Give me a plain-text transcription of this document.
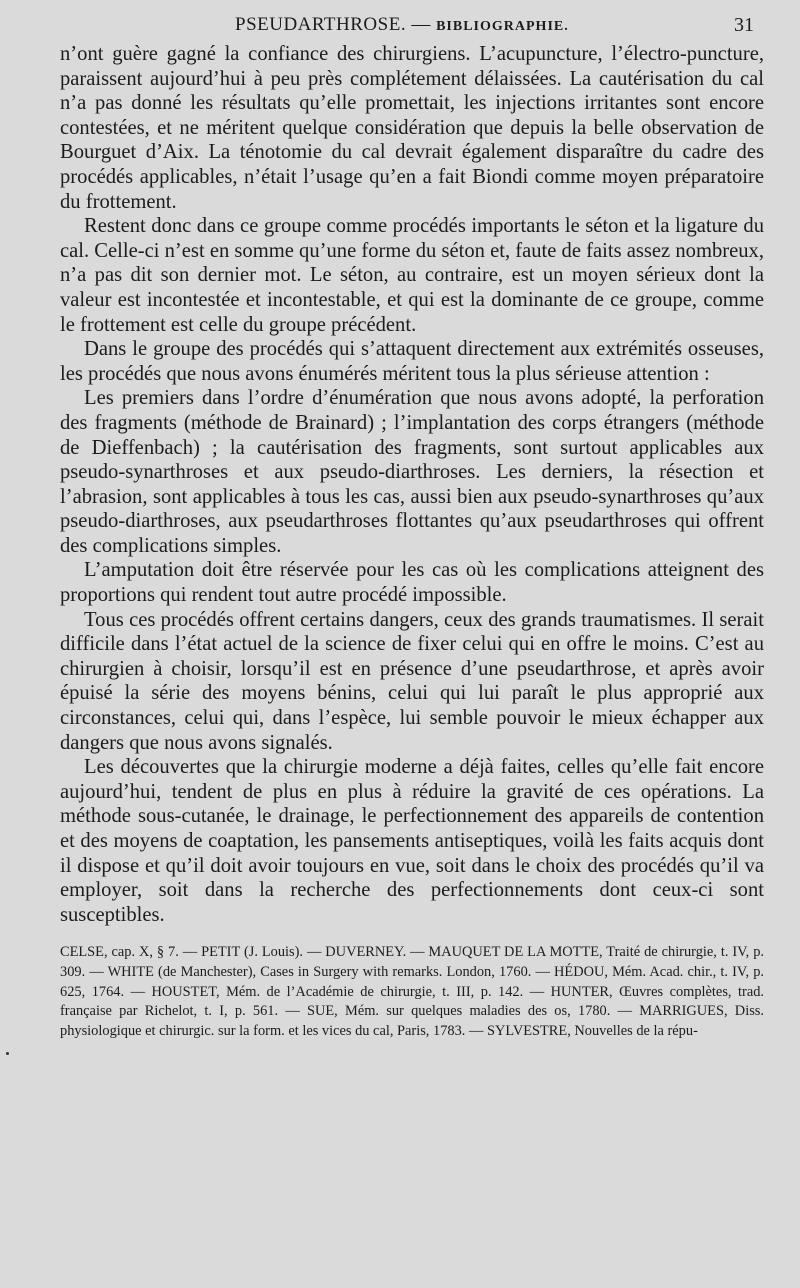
PSEUDARTHROSE. — BIBLIOGRAPHIE.	31

n’ont guère gagné la confiance des chirurgiens. L’acupuncture, l’électro-puncture, paraissent aujourd’hui à peu près complétement délaissées. La cautérisation du cal n’a pas donné les résultats qu’elle promettait, les injections irritantes sont encore contestées, et ne méritent quelque considération que depuis la belle observation de Bourguet d’Aix. La ténotomie du cal devrait également disparaître du cadre des procédés applicables, n’était l’usage qu’en a fait Biondi comme moyen préparatoire du frottement.

Restent donc dans ce groupe comme procédés importants le séton et la ligature du cal. Celle-ci n’est en somme qu’une forme du séton et, faute de faits assez nombreux, n’a pas dit son dernier mot. Le séton, au contraire, est un moyen sérieux dont la valeur est incontestée et incontestable, et qui est la dominante de ce groupe, comme le frottement est celle du groupe précédent.

Dans le groupe des procédés qui s’attaquent directement aux extrémités osseuses, les procédés que nous avons énumérés méritent tous la plus sérieuse attention :

Les premiers dans l’ordre d’énumération que nous avons adopté, la perforation des fragments (méthode de Brainard) ; l’implantation des corps étrangers (méthode de Dieffenbach) ; la cautérisation des fragments, sont surtout applicables aux pseudo-synarthroses et aux pseudo-diarthroses. Les derniers, la résection et l’abrasion, sont applicables à tous les cas, aussi bien aux pseudo-synarthroses qu’aux pseudo-diarthroses, aux pseudarthroses flottantes qu’aux pseudarthroses qui offrent des complications simples.

L’amputation doit être réservée pour les cas où les complications atteignent des proportions qui rendent tout autre procédé impossible.

Tous ces procédés offrent certains dangers, ceux des grands traumatismes. Il serait difficile dans l’état actuel de la science de fixer celui qui en offre le moins. C’est au chirurgien à choisir, lorsqu’il est en présence d’une pseudarthrose, et après avoir épuisé la série des moyens bénins, celui qui lui paraît le plus approprié aux circonstances, celui qui, dans l’espèce, lui semble pouvoir le mieux échapper aux dangers que nous avons signalés.

Les découvertes que la chirurgie moderne a déjà faites, celles qu’elle fait encore aujourd’hui, tendent de plus en plus à réduire la gravité de ces opérations. La méthode sous-cutanée, le drainage, le perfectionnement des appareils de contention et des moyens de coaptation, les pansements antiseptiques, voilà les faits acquis dont il dispose et qu’il doit avoir toujours en vue, soit dans le choix des procédés qu’il va employer, soit dans la recherche des perfectionnements dont ceux-ci sont susceptibles.

CELSE, cap. X, § 7. — PETIT (J. Louis). — DUVERNEY. — MAUQUET DE LA MOTTE, Traité de chirurgie, t. IV, p. 309. — WHITE (de Manchester), Cases in Surgery with remarks. London, 1760. — HÉDOU, Mém. Acad. chir., t. IV, p. 625, 1764. — HOUSTET, Mém. de l’Académie de chirurgie, t. III, p. 142. — HUNTER, Œuvres complètes, trad. française par Richelot, t. I, p. 561. — SUE, Mém. sur quelques maladies des os, 1780. — MARRIGUES, Diss. physiologique et chirurgic. sur la form. et les vices du cal, Paris, 1783. — SYLVESTRE, Nouvelles de la répu-
